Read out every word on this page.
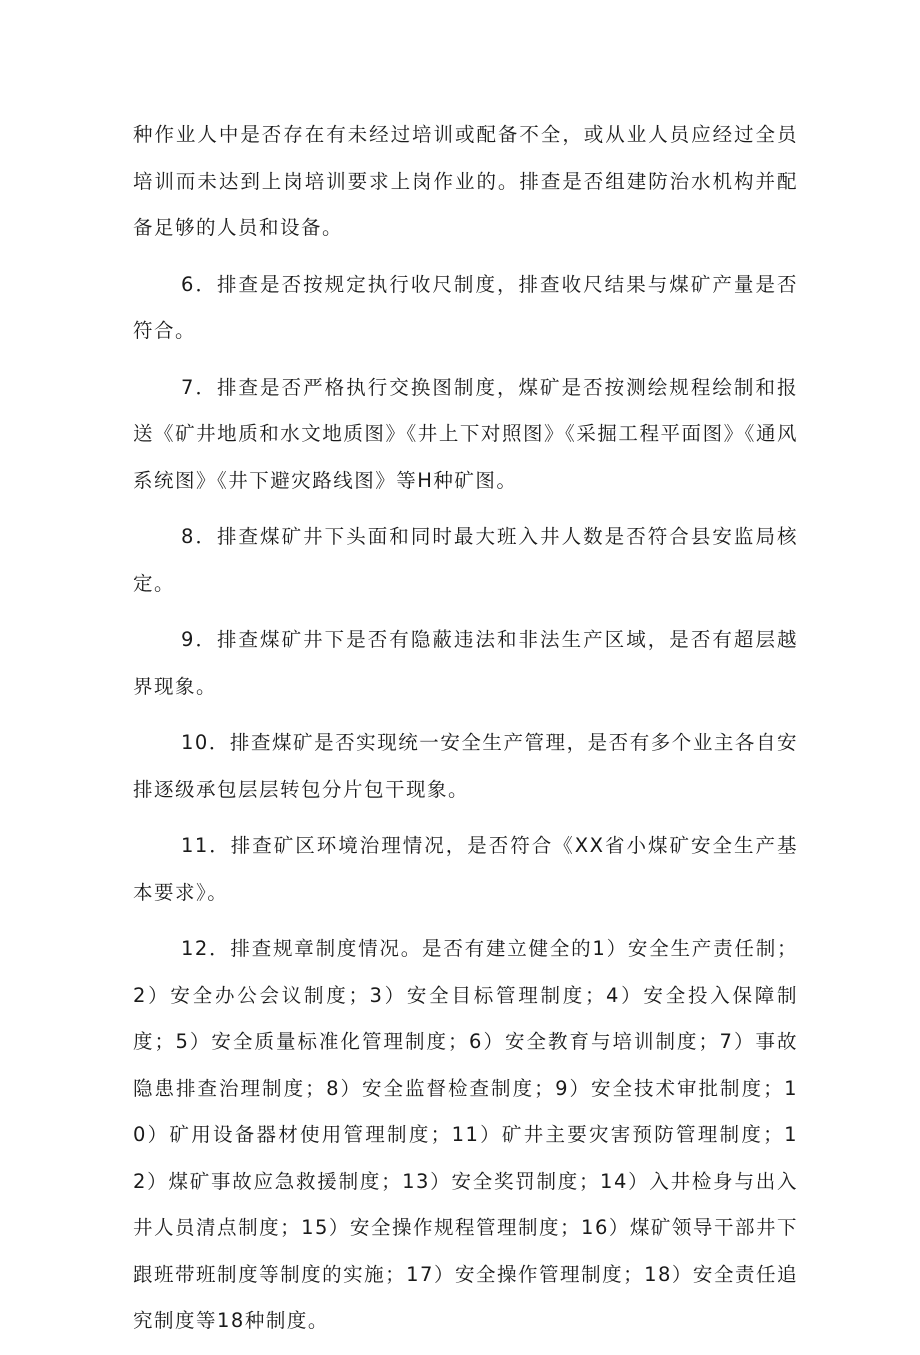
种作业人中是否存在有未经过培训或配备不全，或从业人员应经过全员培训而未达到上岗培训要求上岗作业的。排查是否组建防治水机构并配备足够的人员和设备。

6．排查是否按规定执行收尺制度，排查收尺结果与煤矿产量是否符合。

7．排查是否严格执行交换图制度，煤矿是否按测绘规程绘制和报送《矿井地质和水文地质图》《井上下对照图》《采掘工程平面图》《通风系统图》《井下避灾路线图》等H种矿图。

8．排查煤矿井下头面和同时最大班入井人数是否符合县安监局核定。

9．排查煤矿井下是否有隐蔽违法和非法生产区域，是否有超层越界现象。

10．排查煤矿是否实现统一安全生产管理，是否有多个业主各自安排逐级承包层层转包分片包干现象。

11．排查矿区环境治理情况，是否符合《XX省小煤矿安全生产基本要求》。

12．排查规章制度情况。是否有建立健全的1）安全生产责任制；2）安全办公会议制度；3）安全目标管理制度；4）安全投入保障制度；5）安全质量标准化管理制度；6）安全教育与培训制度；7）事故隐患排查治理制度；8）安全监督检查制度；9）安全技术审批制度；10）矿用设备器材使用管理制度；11）矿井主要灾害预防管理制度；12）煤矿事故应急救援制度；13）安全奖罚制度；14）入井检身与出入井人员清点制度；15）安全操作规程管理制度；16）煤矿领导干部井下跟班带班制度等制度的实施；17）安全操作管理制度；18）安全责任追究制度等18种制度。
